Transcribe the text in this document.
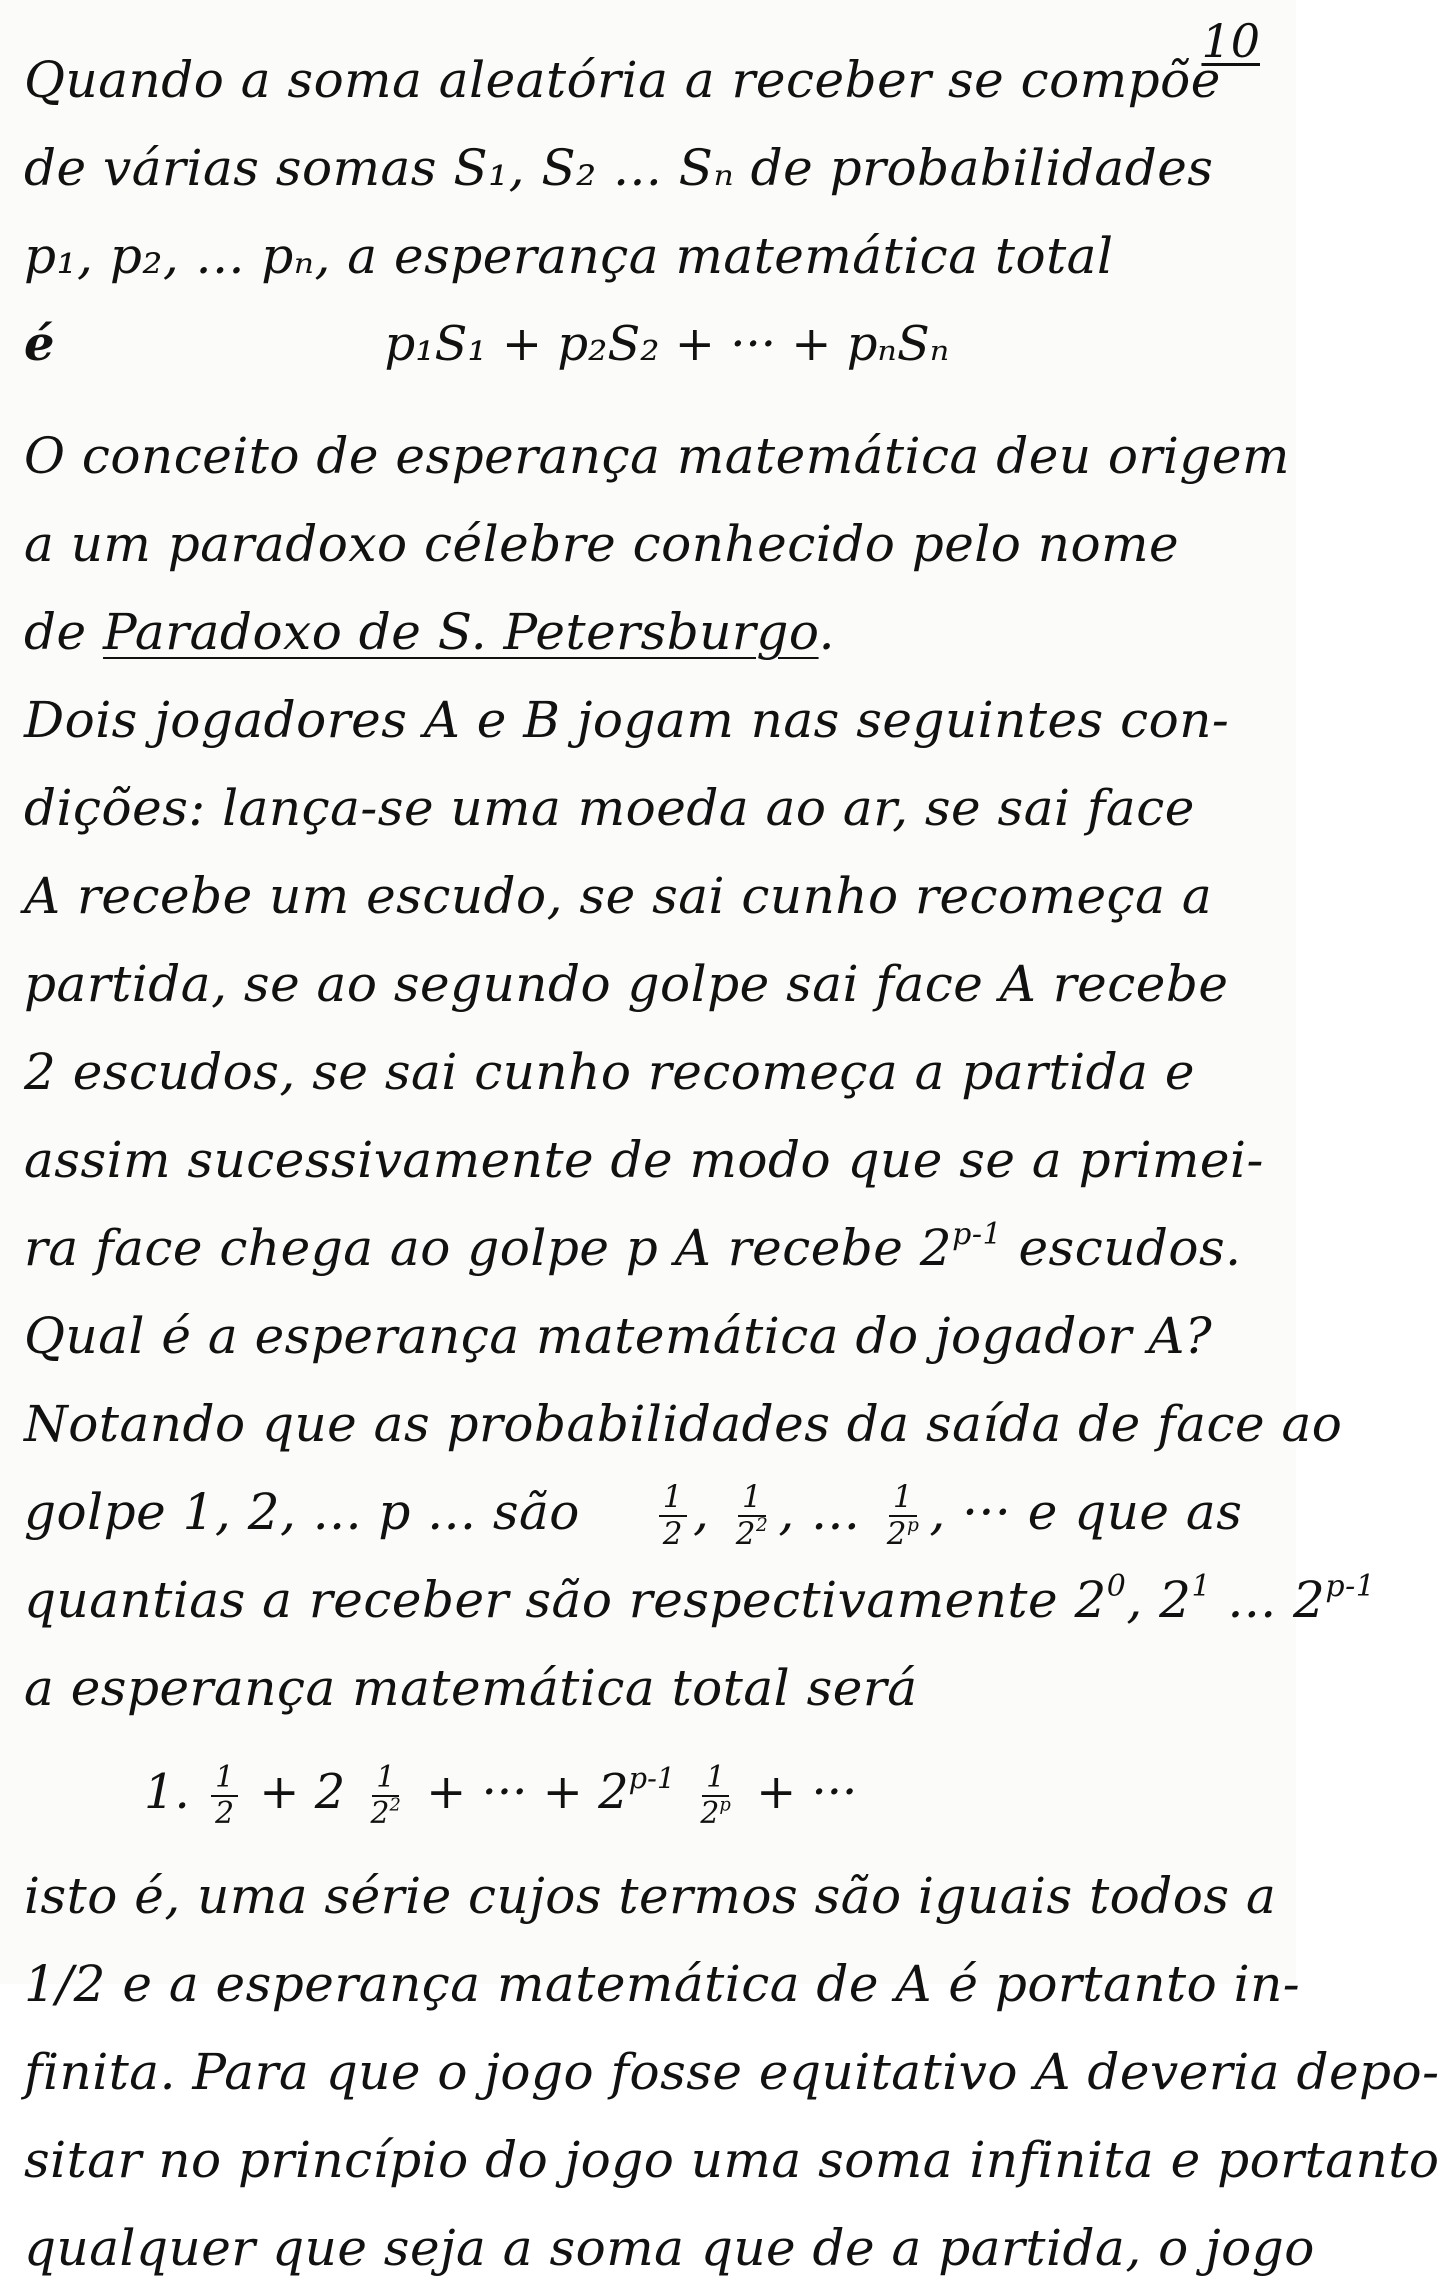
10
Quando a soma aleatória a receber se compõe
de várias somas S₁, S₂ ... Sₙ de probabilidades
p₁, p₂, ... pₙ, a esperança matemática total
é	p₁S₁ + p₂S₂ + ··· + pₙSₙ
O conceito de esperança matemática deu origem
a um paradoxo célebre conhecido pelo nome
de Paradoxo de S. Petersburgo.
Dois jogadores A e B jogam nas seguintes con-
dições: lança-se uma moeda ao ar, se sai face
A recebe um escudo, se sai cunho recomeça a
partida, se ao segundo golpe sai face A recebe
2 escudos, se sai cunho recomeça a partida e
assim sucessivamente de modo que se a primei-
ra face chega ao golpe p A recebe 2$^{p-1}$ escudos.
Qual é a esperança matemática do jogador A?
Notando que as probabilidades da saída de face ao
golpe 1, 2, ... p ... são	$\frac{1}{2}$ , $\frac{1}{2^2}$ , ... $\frac{1}{2^p}$ , ··· e que as
quantias a receber são respectivamente $2^0$, $2^1$ ... 2$^{p-1}$
a esperança matemática total será
1. $\frac{1}{2} + 2 \frac{1}{2^2}$ + ··· + $2^{p-1} \frac{1}{2^p}$ + ···
isto é, uma série cujos termos são iguais todos a
1/2 e a esperança matemática de A é portanto in-
finita. Para que o jogo fosse equitativo A deveria depo-
sitar no princípio do jogo uma soma infinita e portanto
qualquer que seja a soma que de a partida, o jogo
